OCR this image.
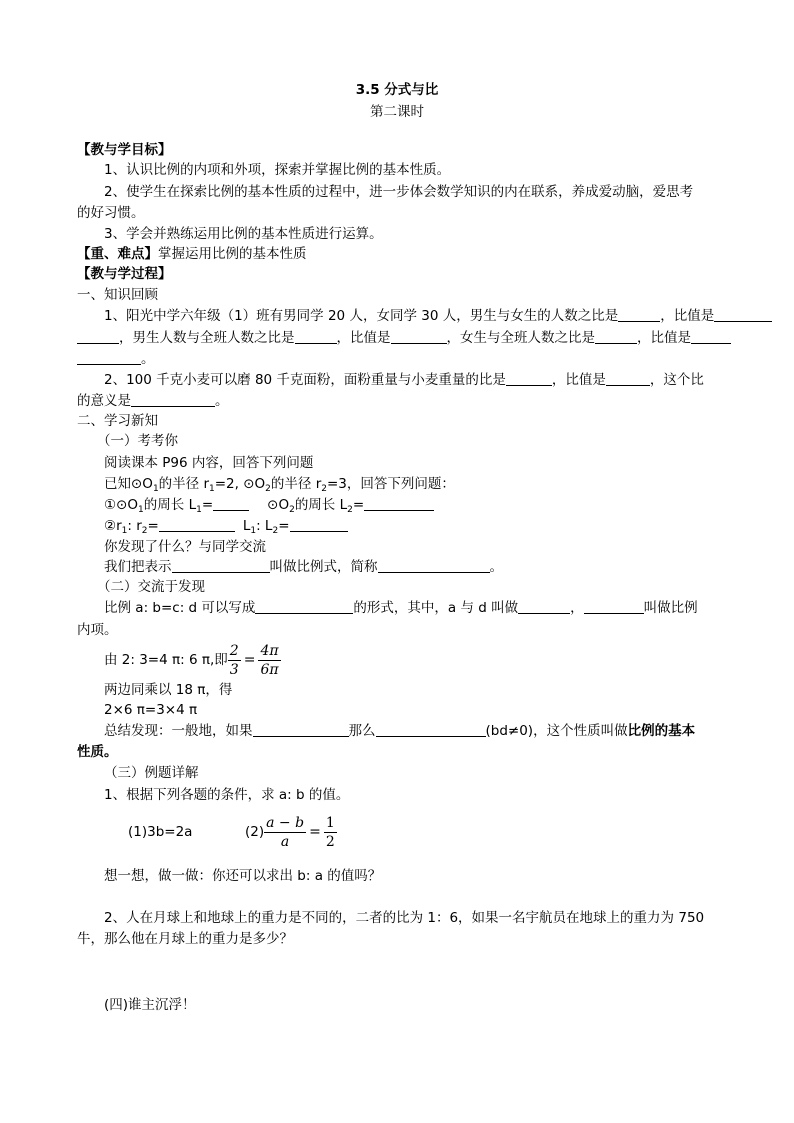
3.5 分式与比
第二课时
【教与学目标】
1、认识比例的内项和外项，探索并掌握比例的基本性质。
2、使学生在探索比例的基本性质的过程中，进一步体会数学知识的内在联系，养成爱动脑，爱思考
的好习惯。
3、学会并熟练运用比例的基本性质进行运算。
【重、难点】掌握运用比例的基本性质
【教与学过程】
一、知识回顾
1、阳光中学六年级（1）班有男同学 20 人，女同学 30 人，男生与女生的人数之比是	，比值是
，男生人数与全班人数之比是	，比值是	，女生与全班人数之比是	，比值是
。
2、100 千克小麦可以磨 80 千克面粉，面粉重量与小麦重量的比是	，比值是	，这个比
的意义是	。
二、学习新知
（一）考考你
阅读课本 P96 内容，回答下列问题
已知$⊙O_1$的半径 $r_1=2$, $⊙O_2$的半径 $r_2=3$，回答下列问题：
$①⊙O_1$的周长 $L_1=$	$⊙O_2$的周长 $L_2=$
$②r_1$: $r_2=$	$L_1$: $L_2=$
你发现了什么？与同学交流
我们把表示	叫做比例式，简称	。
（二）交流于发现
比例 a: b=c: d 可以写成	的形式，其中，a 与 d 叫做	，	叫做比例
内项。
由 2: 3=4 π: 6 π,即 $\frac{2}{3} = \frac{4\pi}{6\pi}$
两边同乘以 18 π，得
2×6 π=3×4 π
总结发现：一般地，如果	那么	(bd≠0)，这个性质叫做比例的基本
性质。
（三）例题详解
1、根据下列各题的条件，求 a: b 的值。
(1)3b=2a	$(2) \frac{a - b}{a} = \frac{1}{2}$
想一想，做一做：你还可以求出 b: a 的值吗？
2、人在月球上和地球上的重力是不同的，二者的比为 1：6，如果一名宇航员在地球上的重力为 750
牛，那么他在月球上的重力是多少？
(四)谁主沉浮！
